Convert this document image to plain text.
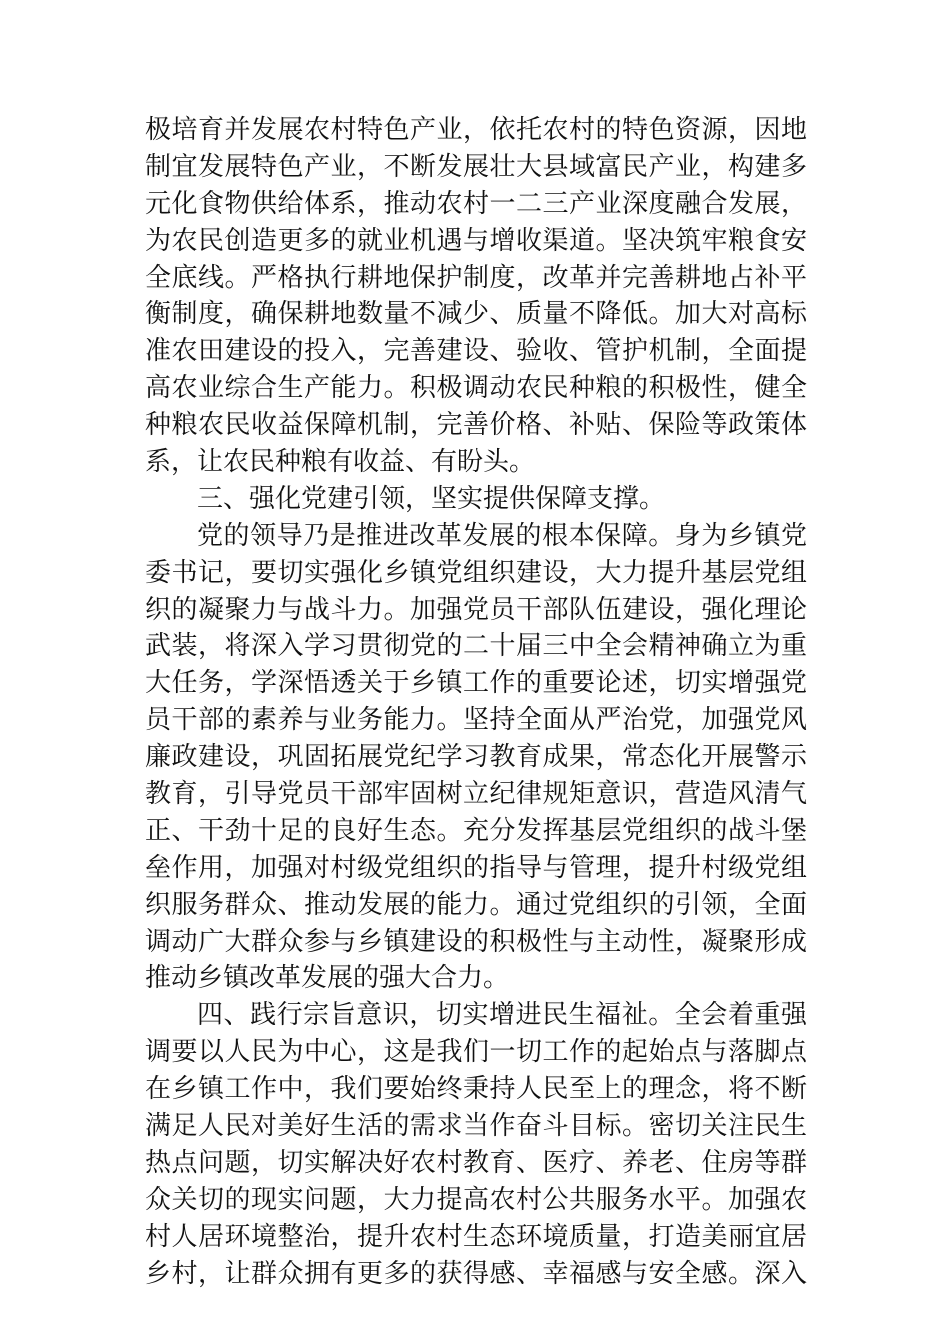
极培育并发展农村特色产业，依托农村的特色资源，因地
制宜发展特色产业，不断发展壮大县域富民产业，构建多
元化食物供给体系，推动农村一二三产业深度融合发展，
为农民创造更多的就业机遇与增收渠道。坚决筑牢粮食安
全底线。严格执行耕地保护制度，改革并完善耕地占补平
衡制度，确保耕地数量不减少、质量不降低。加大对高标
准农田建设的投入，完善建设、验收、管护机制，全面提
高农业综合生产能力。积极调动农民种粮的积极性，健全
种粮农民收益保障机制，完善价格、补贴、保险等政策体
系，让农民种粮有收益、有盼头。
三、强化党建引领，坚实提供保障支撑。
党的领导乃是推进改革发展的根本保障。身为乡镇党
委书记，要切实强化乡镇党组织建设，大力提升基层党组
织的凝聚力与战斗力。加强党员干部队伍建设，强化理论
武装，将深入学习贯彻党的二十届三中全会精神确立为重
大任务，学深悟透关于乡镇工作的重要论述，切实增强党
员干部的素养与业务能力。坚持全面从严治党，加强党风
廉政建设，巩固拓展党纪学习教育成果，常态化开展警示
教育，引导党员干部牢固树立纪律规矩意识，营造风清气
正、干劲十足的良好生态。充分发挥基层党组织的战斗堡
垒作用，加强对村级党组织的指导与管理，提升村级党组
织服务群众、推动发展的能力。通过党组织的引领，全面
调动广大群众参与乡镇建设的积极性与主动性，凝聚形成
推动乡镇改革发展的强大合力。
四、践行宗旨意识，切实增进民生福祉。全会着重强
调要以人民为中心，这是我们一切工作的起始点与落脚点
在乡镇工作中，我们要始终秉持人民至上的理念，将不断
满足人民对美好生活的需求当作奋斗目标。密切关注民生
热点问题，切实解决好农村教育、医疗、养老、住房等群
众关切的现实问题，大力提高农村公共服务水平。加强农
村人居环境整治，提升农村生态环境质量，打造美丽宜居
乡村，让群众拥有更多的获得感、幸福感与安全感。深入
